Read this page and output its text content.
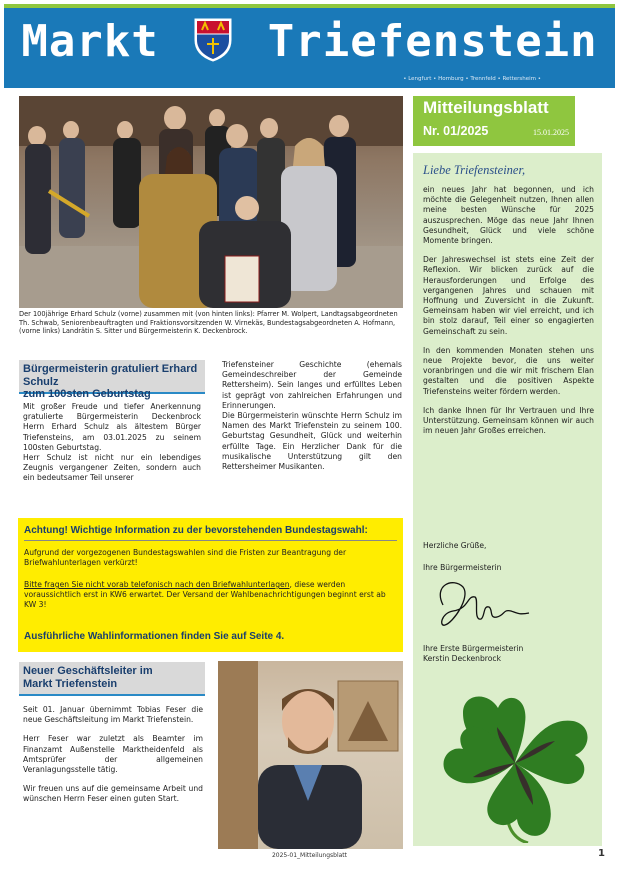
Markt Triefenstein
• Lengfurt • Homburg • Trennfeld • Rettersheim •
Der 100jährige Erhard Schulz (vorne) zusammen mit (von hinten links): Pfarrer M. Wolpert, Landtagsabgeordneten Th. Schwab, Seniorenbeauftragten und Fraktionsvorsitzenden W. Virnekäs, Bundestagsabgeordneten A. Hofmann, (vorne links) Landrätin S. Sitter und Bürgermeisterin K. Deckenbrock.
Mitteilungsblatt
Nr. 01/2025	15.01.2025
Liebe Triefensteiner,

ein neues Jahr hat begonnen, und ich möchte die Gelegenheit nutzen, Ihnen allen meine besten Wünsche für 2025 auszusprechen. Möge das neue Jahr Ihnen Gesundheit, Glück und viele schöne Momente bringen.

Der Jahreswechsel ist stets eine Zeit der Reflexion. Wir blicken zurück auf die Herausforderungen und Erfolge des vergangenen Jahres und schauen mit Hoffnung und Zuversicht in die Zukunft. Gemeinsam haben wir viel erreicht, und ich bin stolz darauf, Teil einer so engagierten Gemeinschaft zu sein.

In den kommenden Monaten stehen uns neue Projekte bevor, die uns weiter voranbringen und die wir mit frischem Elan gestalten und die positiven Aspekte Triefensteins weiter fördern werden.

Ich danke Ihnen für Ihr Vertrauen und Ihre Unterstützung. Gemeinsam können wir auch im neuen Jahr Großes erreichen.

Herzliche Grüße,
Ihre Bürgermeisterin
Ihre Erste Bürgermeisterin
Kerstin Deckenbrock
Bürgermeisterin gratuliert Erhard Schulz
zum 100sten Geburtstag

Mit großer Freude und tiefer Anerkennung gratulierte Bürgermeisterin Deckenbrock Herrn Erhard Schulz als ältestem Bürger Triefensteins, am 03.01.2025 zu seinem 100sten Geburtstag.

Herr Schulz ist nicht nur ein lebendiges Zeugnis vergangener Zeiten, sondern auch ein bedeutsamer Teil unserer

Triefensteiner Geschichte (ehemals Gemeindeschreiber der Gemeinde Rettersheim). Sein langes und erfülltes Leben ist geprägt von zahlreichen Erfahrungen und Erinnerungen.

Die Bürgermeisterin wünschte Herrn Schulz im Namen des Markt Triefenstein zu seinem 100. Geburtstag Gesundheit, Glück und weiterhin erfüllte Tage. Ein Herzlicher Dank für die musikalische Unterstützung gilt den Rettersheimer Musikanten.

Achtung! Wichtige Information zu der bevorstehenden Bundestagswahl:
Aufgrund der vorgezogenen Bundestagswahlen sind die Fristen zur Beantragung der Briefwahlunterlagen verkürzt!
Bitte fragen Sie nicht vorab telefonisch nach den Briefwahlunterlagen, diese werden voraussichtlich erst in KW6 erwartet. Der Versand der Wahlbenachrichtigungen beginnt erst ab KW 3!
Ausführliche Wahlinformationen finden Sie auf Seite 4.
Neuer Geschäftsleiter im
Markt Triefenstein

Seit 01. Januar übernimmt Tobias Feser die neue Geschäftsleitung im Markt Triefenstein.

Herr Feser war zuletzt als Beamter im Finanzamt Außenstelle Marktheidenfeld als Amtsprüfer der allgemeinen Veranlagungsstelle tätig.

Wir freuen uns auf die gemeinsame Arbeit und wünschen Herrn Feser einen guten Start.

2025-01_Mitteilungsblatt	1
